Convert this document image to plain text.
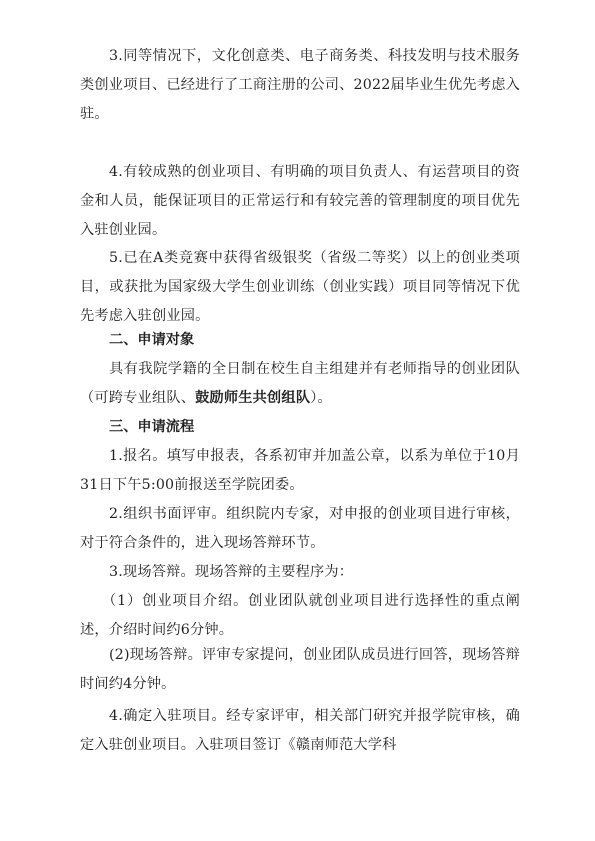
3.同等情况下，文化创意类、电子商务类、科技发明与技术服务类创业项目、已经进行了工商注册的公司、2022届毕业生优先考虑入驻。

4.有较成熟的创业项目、有明确的项目负责人、有运营项目的资金和人员，能保证项目的正常运行和有较完善的管理制度的项目优先入驻创业园。

5.已在A类竞赛中获得省级银奖（省级二等奖）以上的创业类项目，或获批为国家级大学生创业训练（创业实践）项目同等情况下优先考虑入驻创业园。

二、申请对象

具有我院学籍的全日制在校生自主组建并有老师指导的创业团队（可跨专业组队、鼓励师生共创组队）。

三、申请流程

1.报名。填写申报表，各系初审并加盖公章，以系为单位于10月31日下午5:00前报送至学院团委。

2.组织书面评审。组织院内专家，对申报的创业项目进行审核，对于符合条件的，进入现场答辩环节。

3.现场答辩。现场答辩的主要程序为：

（1）创业项目介绍。创业团队就创业项目进行选择性的重点阐述，介绍时间约6分钟。

(2)现场答辩。评审专家提问，创业团队成员进行回答，现场答辩时间约4分钟。

4.确定入驻项目。经专家评审，相关部门研究并报学院审核，确定入驻创业项目。入驻项目签订《赣南师范大学科
